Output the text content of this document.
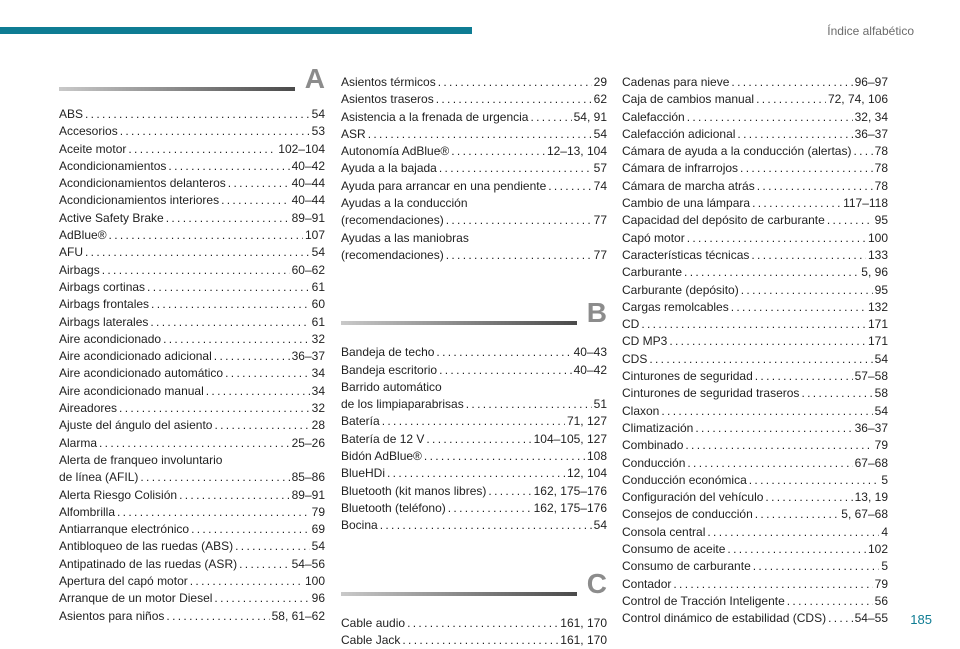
Índice alfabético
A
ABS . . .	54
Accesorios . . .	53
Aceite motor . . .	102–104
Acondicionamientos . . .	40–42
Acondicionamientos delanteros . . .	40–44
Acondicionamientos interiores . . .	40–44
Active Safety Brake . . .	89–91
AdBlue® . . .	107
AFU . . .	54
Airbags . . .	60–62
Airbags cortinas . . .	61
Airbags frontales . . .	60
Airbags laterales . . .	61
Aire acondicionado . . .	32
Aire acondicionado adicional . . .	36–37
Aire acondicionado automático . . .	34
Aire acondicionado manual . . .	34
Aireadores . . .	32
Ajuste del ángulo del asiento . . .	28
Alarma . . .	25–26
Alerta de franqueo involuntario
de línea (AFIL) . . .	85–86
Alerta Riesgo Colisión . . .	89–91
Alfombrilla . . .	79
Antiarranque electrónico . . .	69
Antibloqueo de las ruedas (ABS) . . .	54
Antipatinado de las ruedas (ASR) . . .	54–56
Apertura del capó motor . . .	100
Arranque de un motor Diesel . . .	96
Asientos para niños . . .	58, 61–62
Asientos térmicos . . .	29
Asientos traseros . . .	62
Asistencia a la frenada de urgencia . . .	54, 91
ASR . . .	54
Autonomía AdBlue® . . .	12–13, 104
Ayuda a la bajada . . .	57
Ayuda para arrancar en una pendiente . . .	74
Ayudas a la conducción
(recomendaciones) . . .	77
Ayudas a las maniobras
(recomendaciones) . . .	77
B
Bandeja de techo . . .	40–43
Bandeja escritorio . . .	40–42
Barrido automático
de los limpiaparabrisas . . .	51
Batería . . .	71, 127
Batería de 12 V . . .	104–105, 127
Bidón AdBlue® . . .	108
BlueHDi . . .	12, 104
Bluetooth (kit manos libres) . . .	162, 175–176
Bluetooth (teléfono) . . .	162, 175–176
Bocina . . .	54
C
Cable audio . . .	161, 170
Cable Jack . . .	161, 170
Cadenas para nieve . . .	96–97
Caja de cambios manual . . .	72, 74, 106
Calefacción . . .	32, 34
Calefacción adicional . . .	36–37
Cámara de ayuda a la conducción (alertas) . . . 78
Cámara de infrarrojos . . .	78
Cámara de marcha atrás . . .	78
Cambio de una lámpara . . .	117–118
Capacidad del depósito de carburante . . .	95
Capó motor . . .	100
Características técnicas . . .	133
Carburante . . .	5, 96
Carburante (depósito) . . .	95
Cargas remolcables . . .	132
CD . . .	171
CD MP3 . . .	171
CDS . . .	54
Cinturones de seguridad . . .	57–58
Cinturones de seguridad traseros . . .	58
Claxon . . .	54
Climatización . . .	36–37
Combinado . . .	79
Conducción . . .	67–68
Conducción económica . . .	5
Configuración del vehículo . . .	13, 19
Consejos de conducción . . .	5, 67–68
Consola central . . .	4
Consumo de aceite . . .	102
Consumo de carburante . . .	5
Contador . . .	79
Control de Tracción Inteligente . . .	56
Control dinámico de estabilidad (CDS) . . . 54–55 185
